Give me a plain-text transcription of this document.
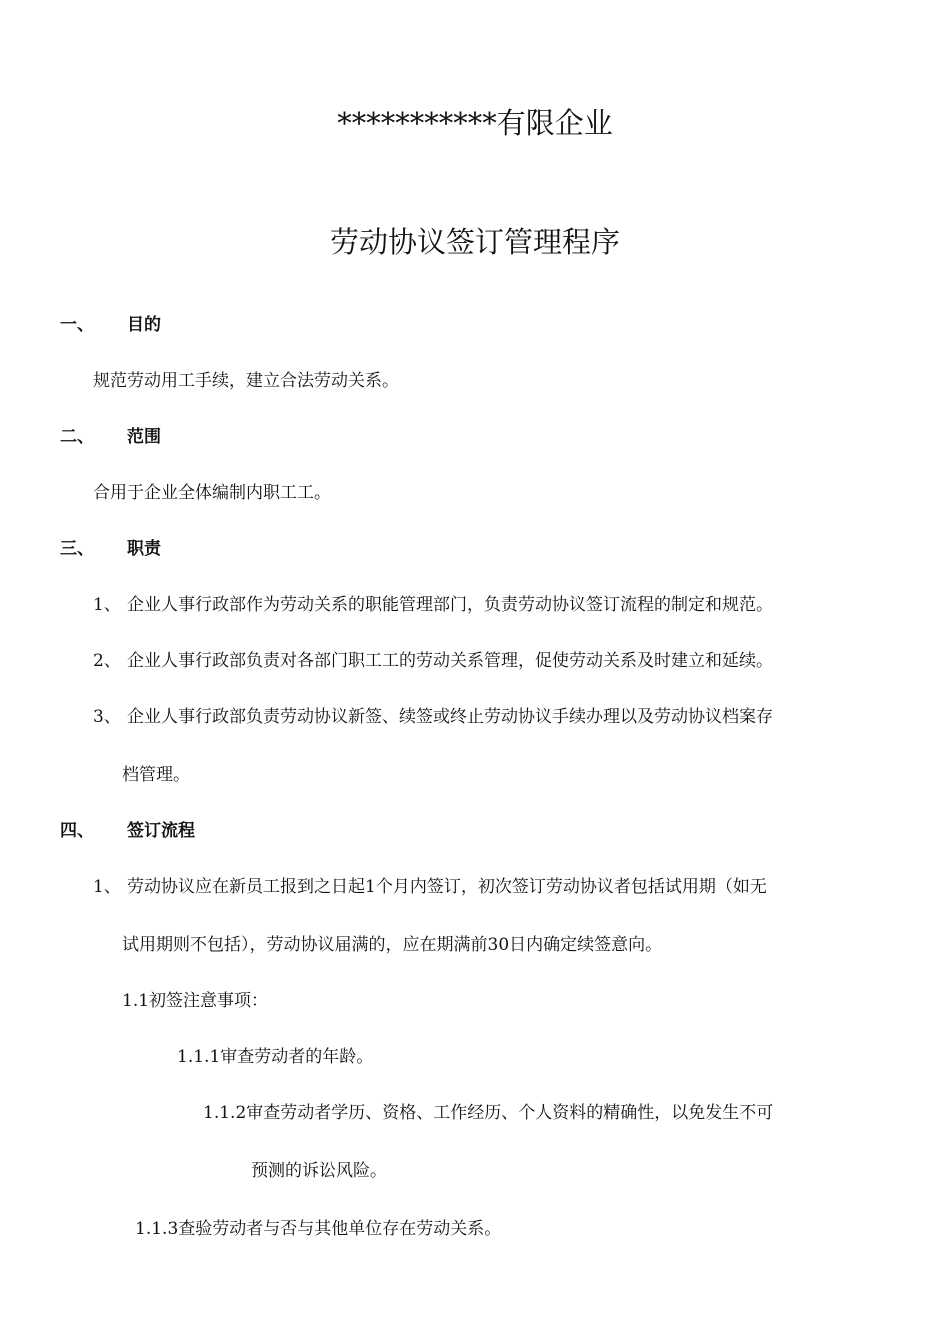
***********有限企业
劳动协议签订管理程序
一、 目的
规范劳动用工手续，建立合法劳动关系。
二、 范围
合用于企业全体编制内职工工。
三、 职责
1、 企业人事行政部作为劳动关系的职能管理部门，负责劳动协议签订流程的制定和规范。
2、 企业人事行政部负责对各部门职工工的劳动关系管理，促使劳动关系及时建立和延续。
3、 企业人事行政部负责劳动协议新签、续签或终止劳动协议手续办理以及劳动协议档案存
档管理。
四、 签订流程
1、 劳动协议应在新员工报到之日起1个月内签订，初次签订劳动协议者包括试用期（如无
试用期则不包括），劳动协议届满的，应在期满前30日内确定续签意向。
1.1初签注意事项：
1.1.1审查劳动者的年龄。
1.1.2审查劳动者学历、资格、工作经历、个人资料的精确性，以免发生不可
预测的诉讼风险。
1.1.3查验劳动者与否与其他单位存在劳动关系。
